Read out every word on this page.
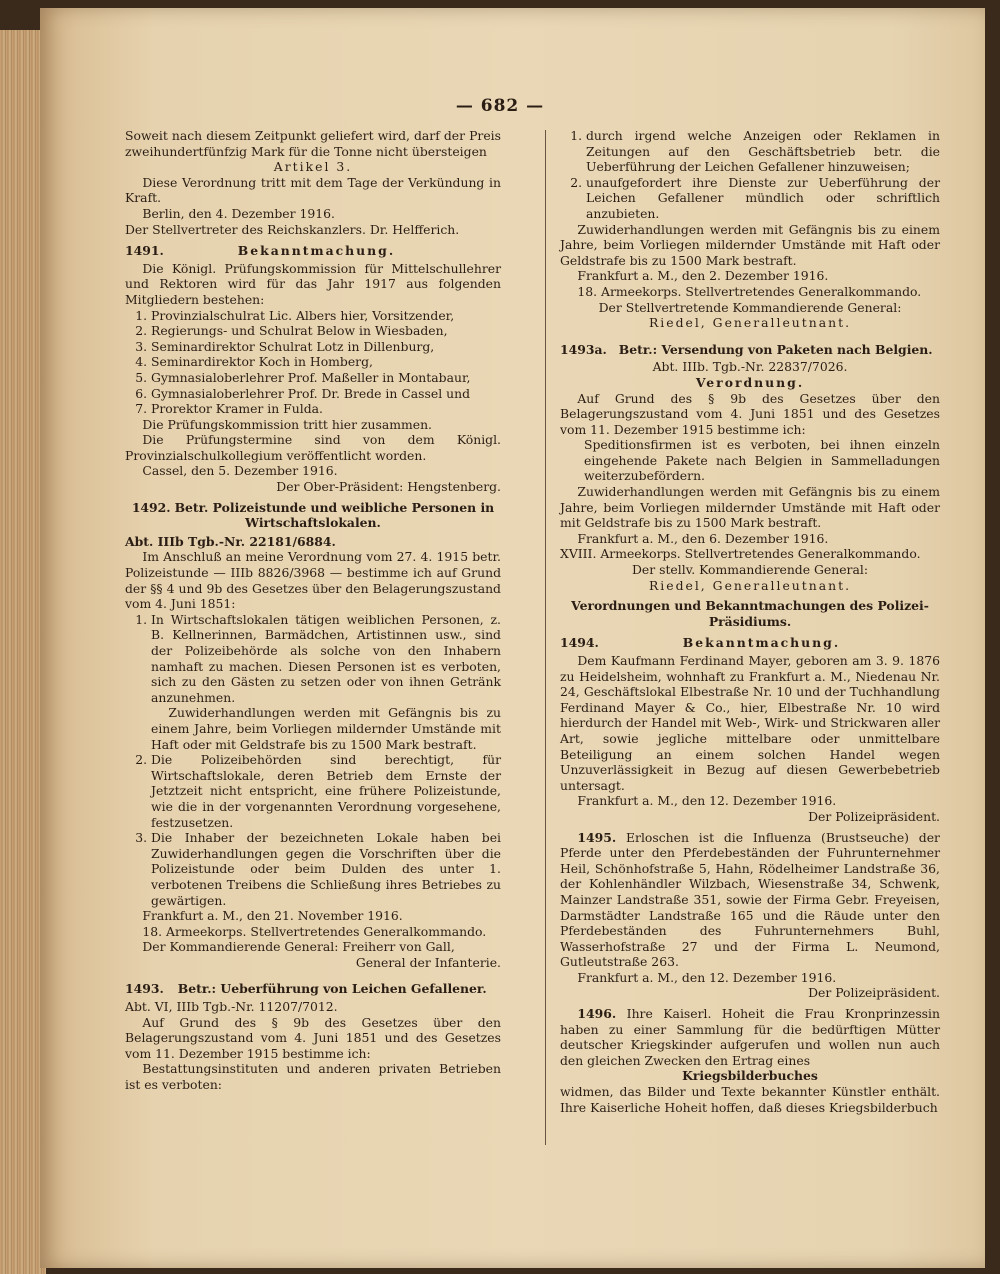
— 682 —

Soweit nach diesem Zeitpunkt geliefert wird, darf der Preis zweihundertfünfzig Mark für die Tonne nicht übersteigen

Artikel 3.

Diese Verordnung tritt mit dem Tage der Verkündung in Kraft.

Berlin, den 4. Dezember 1916.

Der Stellvertreter des Reichskanzlers. Dr. Helfferich.

1491.	Bekanntmachung.

Die Königl. Prüfungskommission für Mittelschullehrer und Rektoren wird für das Jahr 1917 aus folgenden Mitgliedern bestehen:

1. Provinzialschulrat Lic. Albers hier, Vorsitzender,
2. Regierungs- und Schulrat Below in Wiesbaden,
3. Seminardirektor Schulrat Lotz in Dillenburg,
4. Seminardirektor Koch in Homberg,
5. Gymnasialoberlehrer Prof. Maßeller in Montabaur,
6. Gymnasialoberlehrer Prof. Dr. Brede in Cassel und
7. Prorektor Kramer in Fulda.

Die Prüfungskommission tritt hier zusammen.

Die Prüfungstermine sind von dem Königl. Provinzialschulkollegium veröffentlicht worden.

Cassel, den 5. Dezember 1916.

Der Ober-Präsident: Hengstenberg.

1492. Betr. Polizeistunde und weibliche Personen in Wirtschaftslokalen.

Abt. IIIb Tgb.-Nr. 22181/6884.

Im Anschluß an meine Verordnung vom 27. 4. 1915 betr. Polizeistunde — IIIb 8826/3968 — bestimme ich auf Grund der §§ 4 und 9b des Gesetzes über den Belagerungszustand vom 4. Juni 1851:

1. In Wirtschaftslokalen tätigen weiblichen Personen, z. B. Kellnerinnen, Barmädchen, Artistinnen usw., sind der Polizeibehörde als solche von den Inhabern namhaft zu machen. Diesen Personen ist es verboten, sich zu den Gästen zu setzen oder von ihnen Getränk anzunehmen.

Zuwiderhandlungen werden mit Gefängnis bis zu einem Jahre, beim Vorliegen mildernder Umstände mit Haft oder mit Geldstrafe bis zu 1500 Mark bestraft.

2. Die Polizeibehörden sind berechtigt, für Wirtschaftslokale, deren Betrieb dem Ernste der Jetztzeit nicht entspricht, eine frühere Polizeistunde, wie die in der vorgenannten Verordnung vorgesehene, festzusetzen.
3. Die Inhaber der bezeichneten Lokale haben bei Zuwiderhandlungen gegen die Vorschriften über die Polizeistunde oder beim Dulden des unter 1. verbotenen Treibens die Schließung ihres Betriebes zu gewärtigen.

Frankfurt a. M., den 21. November 1916.

18. Armeekorps. Stellvertretendes Generalkommando.

Der Kommandierende General: Freiherr von Gall,

General der Infanterie.

1493. Betr.: Ueberführung von Leichen Gefallener.

Abt. VI, IIIb Tgb.-Nr. 11207/7012.

Auf Grund des § 9b des Gesetzes über den Belagerungszustand vom 4. Juni 1851 und des Gesetzes vom 11. Dezember 1915 bestimme ich:

Bestattungsinstituten und anderen privaten Betrieben ist es verboten:

1. durch irgend welche Anzeigen oder Reklamen in Zeitungen auf den Geschäftsbetrieb betr. die Ueberführung der Leichen Gefallener hinzuweisen;
2. unaufgefordert ihre Dienste zur Ueberführung der Leichen Gefallener mündlich oder schriftlich anzubieten.

Zuwiderhandlungen werden mit Gefängnis bis zu einem Jahre, beim Vorliegen mildernder Umstände mit Haft oder Geldstrafe bis zu 1500 Mark bestraft.

Frankfurt a. M., den 2. Dezember 1916.

18. Armeekorps. Stellvertretendes Generalkommando.

Der Stellvertretende Kommandierende General:

Riedel, Generalleutnant.

1493a. Betr.: Versendung von Paketen nach Belgien.

Abt. IIIb. Tgb.-Nr. 22837/7026.

Verordnung.

Auf Grund des § 9b des Gesetzes über den Belagerungszustand vom 4. Juni 1851 und des Gesetzes vom 11. Dezember 1915 bestimme ich:

Speditionsfirmen ist es verboten, bei ihnen einzeln eingehende Pakete nach Belgien in Sammelladungen weiterzubefördern.

Zuwiderhandlungen werden mit Gefängnis bis zu einem Jahre, beim Vorliegen mildernder Umstände mit Haft oder mit Geldstrafe bis zu 1500 Mark bestraft.

Frankfurt a. M., den 6. Dezember 1916.

XVIII. Armeekorps. Stellvertretendes Generalkommando.

Der stellv. Kommandierende General:

Riedel, Generalleutnant.

Verordnungen und Bekanntmachungen des Polizei-Präsidiums.

1494.	Bekanntmachung.

Dem Kaufmann Ferdinand Mayer, geboren am 3. 9. 1876 zu Heidelsheim, wohnhaft zu Frankfurt a. M., Niedenau Nr. 24, Geschäftslokal Elbestraße Nr. 10 und der Tuchhandlung Ferdinand Mayer & Co., hier, Elbestraße Nr. 10 wird hierdurch der Handel mit Web-, Wirk- und Strickwaren aller Art, sowie jegliche mittelbare oder unmittelbare Beteiligung an einem solchen Handel wegen Unzuverlässigkeit in Bezug auf diesen Gewerbebetrieb untersagt.

Frankfurt a. M., den 12. Dezember 1916.

Der Polizeipräsident.

1495. Erloschen ist die Influenza (Brustseuche) der Pferde unter den Pferdebeständen der Fuhrunternehmer Heil, Schönhofstraße 5, Hahn, Rödelheimer Landstraße 36, der Kohlenhändler Wilzbach, Wiesenstraße 34, Schwenk, Mainzer Landstraße 351, sowie der Firma Gebr. Freyeisen, Darmstädter Landstraße 165 und die Räude unter den Pferdebeständen des Fuhrunternehmers Buhl, Wasserhofstraße 27 und der Firma L. Neumond, Gutleutstraße 263.

Frankfurt a. M., den 12. Dezember 1916.

Der Polizeipräsident.

1496. Ihre Kaiserl. Hoheit die Frau Kronprinzessin haben zu einer Sammlung für die bedürftigen Mütter deutscher Kriegskinder aufgerufen und wollen nun auch den gleichen Zwecken den Ertrag eines

Kriegsbilderbuches

widmen, das Bilder und Texte bekannter Künstler enthält. Ihre Kaiserliche Hoheit hoffen, daß dieses Kriegsbilderbuch
